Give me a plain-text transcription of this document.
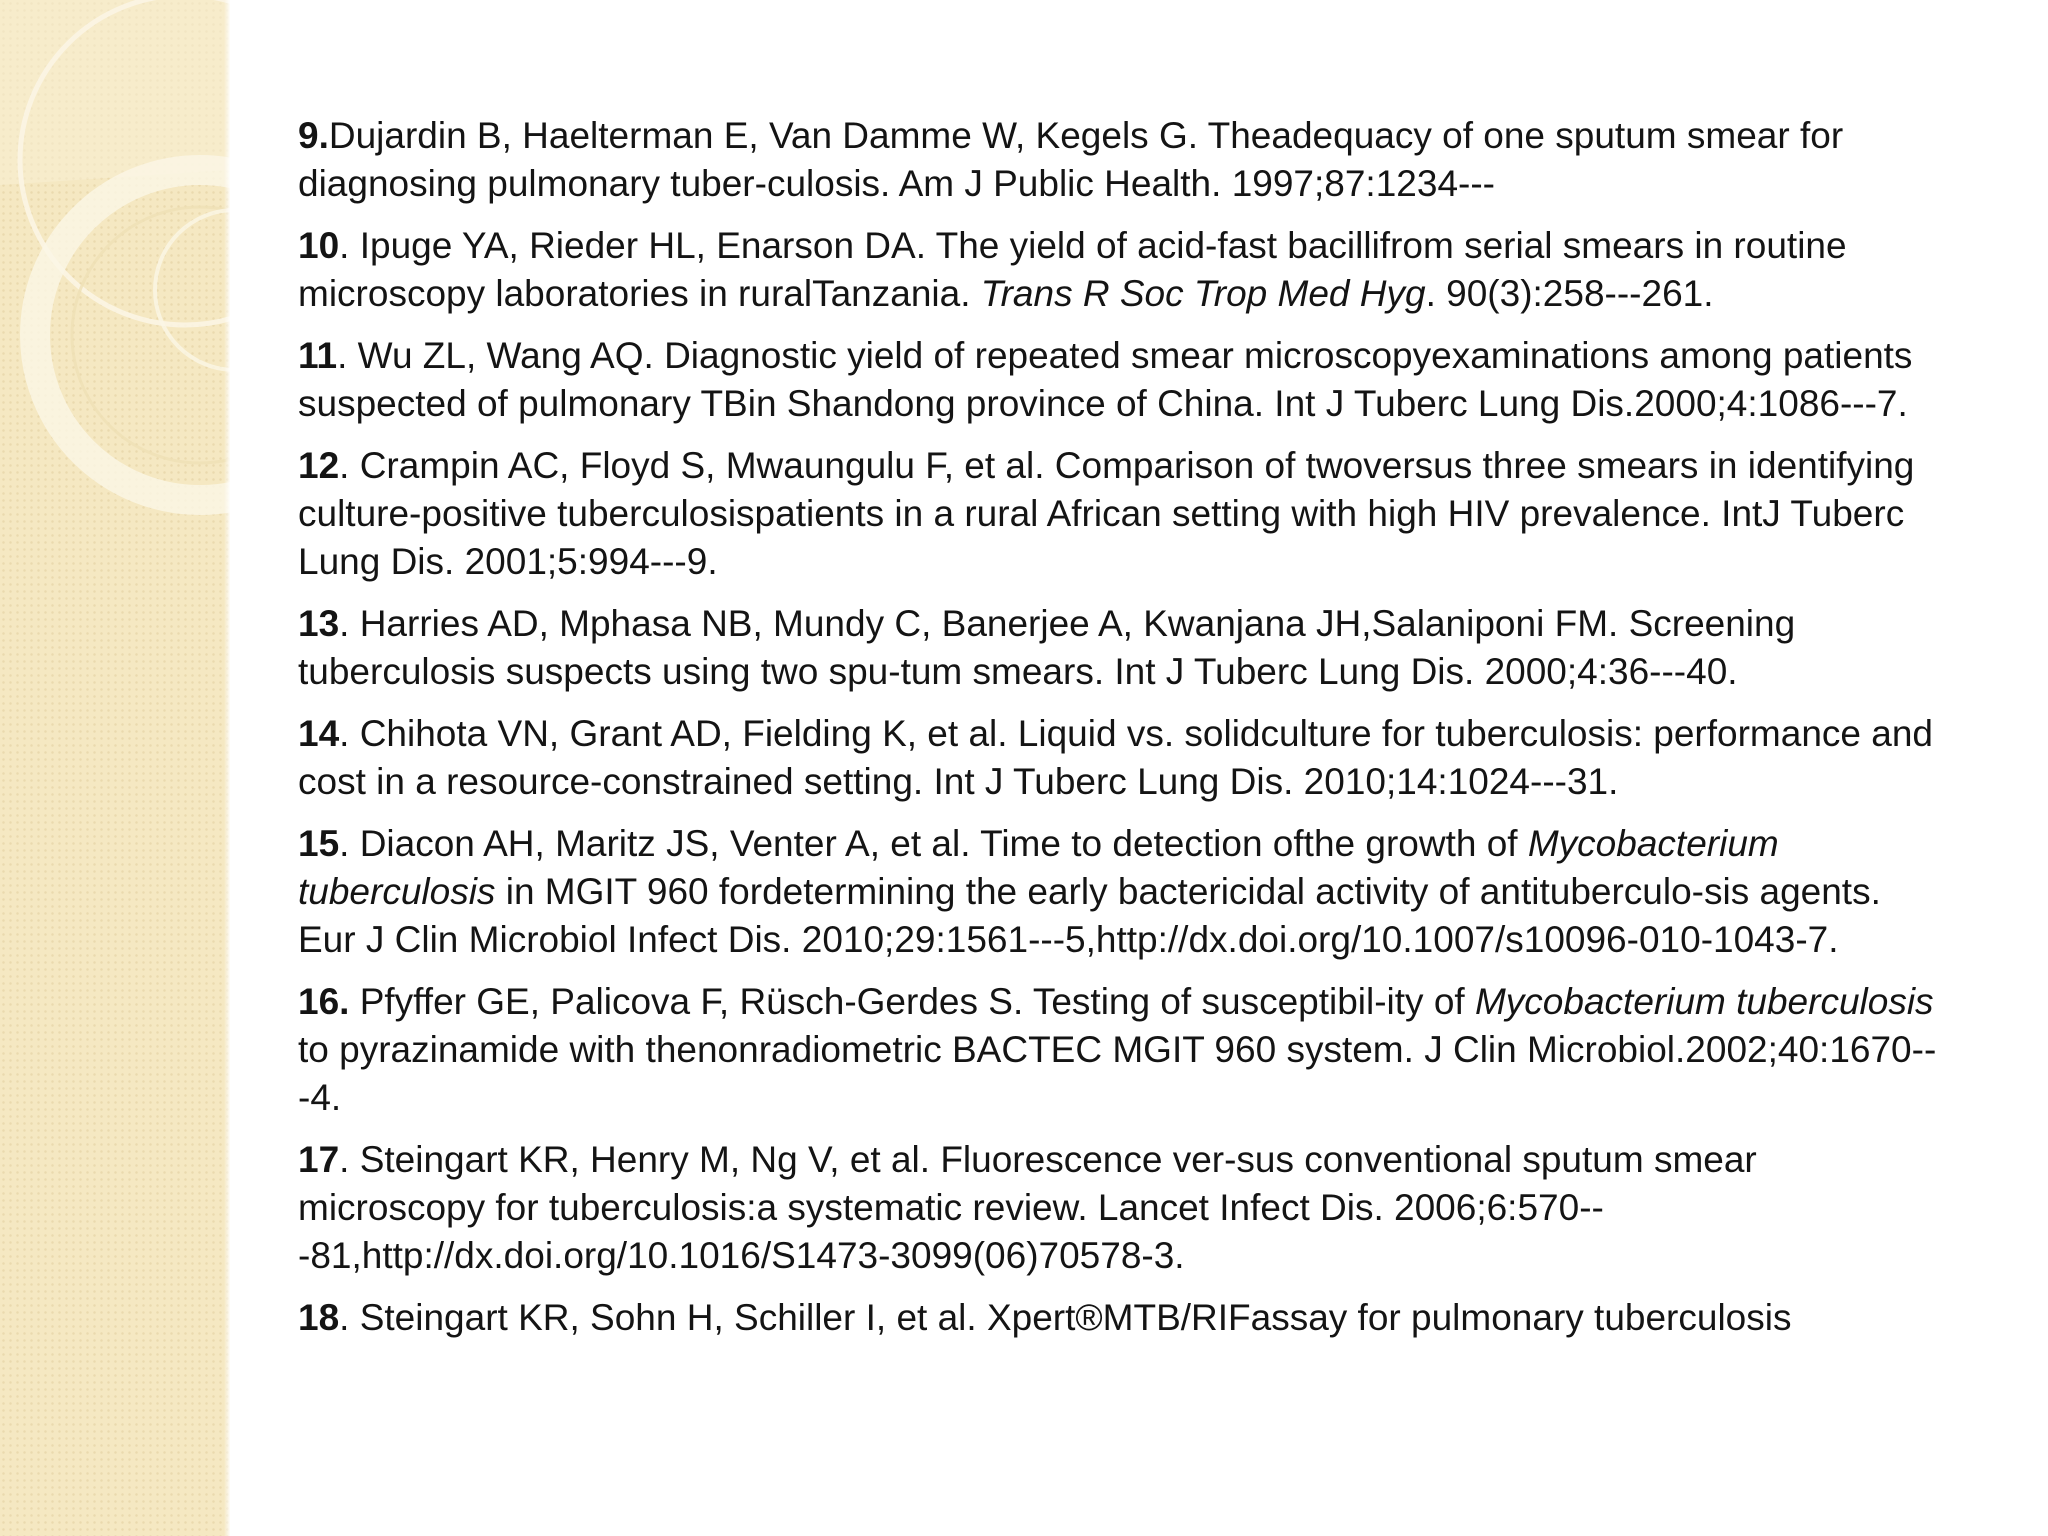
9.Dujardin B, Haelterman E, Van Damme W, Kegels G. Theadequacy of one sputum smear for diagnosing pulmonary tuber-culosis. Am J Public Health. 1997;87:1234---

10. Ipuge YA, Rieder HL, Enarson DA. The yield of acid-fast bacillifrom serial smears in routine microscopy laboratories in ruralTanzania. Trans R Soc Trop Med Hyg. 90(3):258---261.

11. Wu ZL, Wang AQ. Diagnostic yield of repeated smear microscopyexaminations among patients suspected of pulmonary TBin Shandong province of China. Int J Tuberc Lung Dis.2000;4:1086---7.

12. Crampin AC, Floyd S, Mwaungulu F, et al. Comparison of twoversus three smears in identifying culture-positive tuberculosispatients in a rural African setting with high HIV prevalence. IntJ Tuberc Lung Dis. 2001;5:994---9.

13. Harries AD, Mphasa NB, Mundy C, Banerjee A, Kwanjana JH,Salaniponi FM. Screening tuberculosis suspects using two spu-tum smears. Int J Tuberc Lung Dis. 2000;4:36---40.

14. Chihota VN, Grant AD, Fielding K, et al. Liquid vs. solidculture for tuberculosis: performance and cost in a resource-constrained setting. Int J Tuberc Lung Dis. 2010;14:1024---31.

15. Diacon AH, Maritz JS, Venter A, et al. Time to detection ofthe growth of Mycobacterium tuberculosis in MGIT 960 fordetermining the early bactericidal activity of antituberculo-sis agents. Eur J Clin Microbiol Infect Dis. 2010;29:1561---5,http://dx.doi.org/10.1007/s10096-010-1043-7.

16. Pfyffer GE, Palicova F, Rüsch-Gerdes S. Testing of susceptibil-ity of Mycobacterium tuberculosis to pyrazinamide with thenonradiometric BACTEC MGIT 960 system. J Clin Microbiol.2002;40:1670---4.

17. Steingart KR, Henry M, Ng V, et al. Fluorescence ver-sus conventional sputum smear microscopy for tuberculosis:a systematic review. Lancet Infect Dis. 2006;6:570---81,http://dx.doi.org/10.1016/S1473-3099(06)70578-3.

18. Steingart KR, Sohn H, Schiller I, et al. Xpert®MTB/RIFassay for pulmonary tuberculosis
